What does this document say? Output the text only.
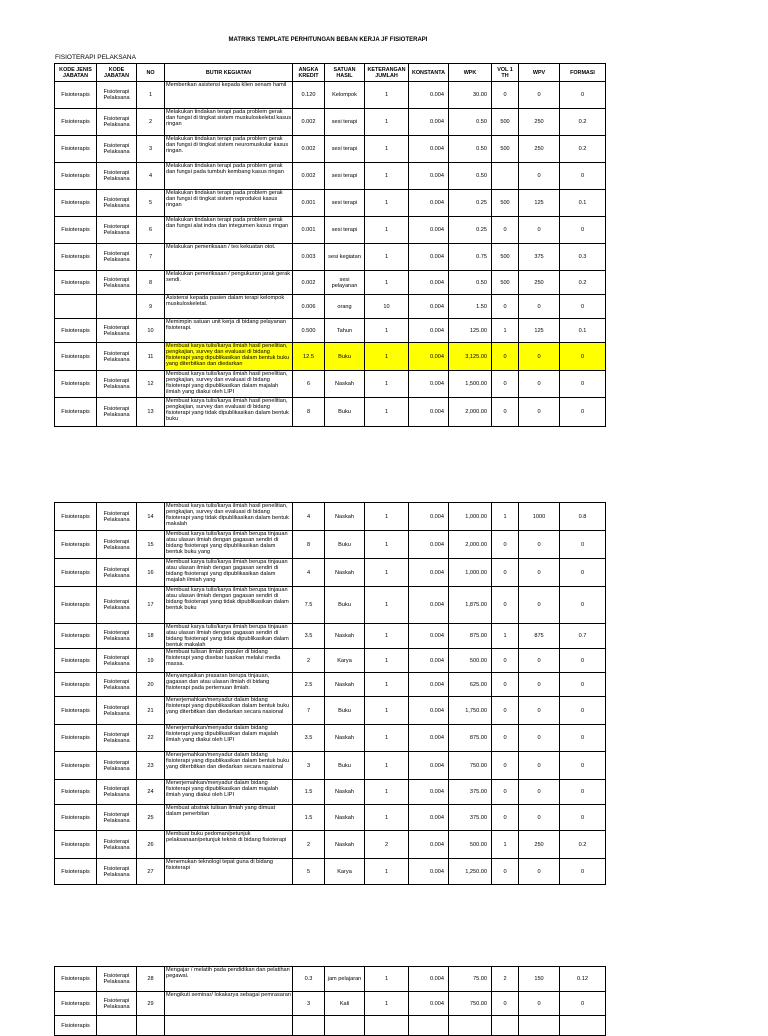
MATRIKS TEMPLATE PERHITUNGAN BEBAN KERJA JF FISIOTERAPI
FISIOTERAPI PELAKSANA
KODE JENIS JABATAN	KODE JABATAN	NO	BUTIR KEGIATAN	ANGKA KREDIT	SATUAN HASIL	KETERANGAN JUMLAH	KONSTANTA	WPK	VOL 1 TH	WPV	FORMASI
Fisioterapis	Fisioterapi Pelaksana	1	Memberikan asistensi kepada klien senam hamil	0.120	Kelompok	1	0.004	30.00	0	0	0
Fisioterapis	Fisioterapi Pelaksana	2	Melakukan tindakan terapi pada problem gerak dan fungsi di tingkat sistem muskuloskeletal kasus ringan	0.002	sesi terapi	1	0.004	0.50	500	250	0.2
Fisioterapis	Fisioterapi Pelaksana	3	Melakukan tindakan terapi pada problem gerak dan fungsi di tingkat sistem neuromuskular kasus ringan.	0.002	sesi terapi	1	0.004	0.50	500	250	0.2
Fisioterapis	Fisioterapi Pelaksana	4	Melakukan tindakan terapi pada problem gerak dan fungsi pada tumbuh kembang kasus ringan	0.002	sesi terapi	1	0.004	0.50		0	0
Fisioterapis	Fisioterapi Pelaksana	5	Melakukan tindakan terapi pada problem gerak dan fungsi di tingkat sistem reproduksi kasus ringan	0.001	sesi terapi	1	0.004	0.25	500	125	0.1
Fisioterapis	Fisioterapi Pelaksana	6	Melakukan tindakan terapi pada problem gerak dan fungsi alat indra dan integumen kasus ringan	0.001	sesi terapi	1	0.004	0.25	0	0	0
Fisioterapis	Fisioterapi Pelaksana	7	Melakukan pemeriksaan / tes kekuatan otot.	0.003	sesi kegiatan	1	0.004	0.75	500	375	0.3
Fisioterapis	Fisioterapi Pelaksana	8	Melakukan pemeriksaan / pengukuran jarak gerak sendi.	0.002	sesi pelayanan	1	0.004	0.50	500	250	0.2
		9	Asistensi kepada pasien dalam terapi kelompok muskuloskeletal.	0.006	orang	10	0.004	1.50	0	0	0
Fisioterapis	Fisioterapi Pelaksana	10	Memimpin satuan unit kerja di bidang pelayanan fisioterapi.	0.500	Tahun	1	0.004	125.00	1	125	0.1
Fisioterapis	Fisioterapi Pelaksana	11	Membuat karya tulis/karya ilmiah hasil penelitian, pengkajian, survey dan evaluasi di bidang fisioterapi yang dipublikasikan dalam bentuk buku yang diterbitkan dan diedarkan	12.5	Buku	1	0.004	3,125.00	0	0	0
Fisioterapis	Fisioterapi Pelaksana	12	Membuat karya tulis/karya ilmiah hasil penelitian, pengkajian, survey dan evaluasi di bidang fisioterapi yang dipublikasikan dalam majalah ilmiah yang diakui oleh LIPI	6	Naskah	1	0.004	1,500.00	0	0	0
Fisioterapis	Fisioterapi Pelaksana	13	Membuat karya tulis/karya ilmiah hasil penelitian, pengkajian, survey dan evaluasi di bidang fisioterapi yang tidak dipublikasikan dalam bentuk buku	8	Buku	1	0.004	2,000.00	0	0	0
Fisioterapis	Fisioterapi Pelaksana	14	Membuat karya tulis/karya ilmiah hasil penelitian, pengkajian, survey dan evaluasi di bidang fisioterapi yang tidak dipublikasikan dalam bentuk makalah	4	Naskah	1	0.004	1,000.00	1	1000	0.8
Fisioterapis	Fisioterapi Pelaksana	15	Membuat karya tulis/karya ilmiah berupa tinjauan atau ulasan ilmiah dengan gagasan sendiri di bidang fisioterapi yang dipublikasikan dalam bentuk buku yang	8	Buku	1	0.004	2,000.00	0	0	0
Fisioterapis	Fisioterapi Pelaksana	16	Membuat karya tulis/karya ilmiah berupa tinjauan atau ulasan ilmiah dengan gagasan sendiri di bidang fisioterapi yang dipublikasikan dalam majalah ilmiah yang	4	Naskah	1	0.004	1,000.00	0	0	0
Fisioterapis	Fisioterapi Pelaksana	17	Membuat karya tulis/karya ilmiah berupa tinjauan atau ulasan ilmiah dengan gagasan sendiri di bidang fisioterapi yang tidak dipublikasikan dalam bentuk buku	7.5	Buku	1	0.004	1,875.00	0	0	0
Fisioterapis	Fisioterapi Pelaksana	18	Membuat karya tulis/karya ilmiah berupa tinjauan atau ulasan ilmiah dengan gagasan sendiri di bidang fisioterapi yang tidak dipublikasikan dalam bentuk makalah	3.5	Naskah	1	0.004	875.00	1	875	0.7
Fisioterapis	Fisioterapi Pelaksana	19	Membuat tulisan ilmiah populer di bidang fisioterapi yang disebar luaskan melalui media massa.	2	Karya	1	0.004	500.00	0	0	0
Fisioterapis	Fisioterapi Pelaksana	20	Menyampaikan prasaran berupa tinjauan, gagasan dan atau ulasan ilmiah di bidang fisioterapi pada pertemuan ilmiah.	2.5	Naskah	1	0.004	625.00	0	0	0
Fisioterapis	Fisioterapi Pelaksana	21	Menerjemahkan/menyadur dalam bidang fisioterapi yang dipublikasikan dalam bentuk buku yang diterbitkan dan diedarkan secara nasional	7	Buku	1	0.004	1,750.00	0	0	0
Fisioterapis	Fisioterapi Pelaksana	22	Menerjemahkan/menyadur dalam bidang fisioterapi yang dipublikasikan dalam majalah ilmiah yang diakui oleh LIPI	3.5	Naskah	1	0.004	875.00	0	0	0
Fisioterapis	Fisioterapi Pelaksana	23	Menerjemahkan/menyadur dalam bidang fisioterapi yang dipublikasikan dalam bentuk buku yang diterbitkan dan diedarkan secara nasional	3	Buku	1	0.004	750.00	0	0	0
Fisioterapis	Fisioterapi Pelaksana	24	Menerjemahkan/menyadur dalam bidang fisioterapi yang dipublikasikan dalam majalah ilmiah yang diakui oleh LIPI	1.5	Naskah	1	0.004	375.00	0	0	0
Fisioterapis	Fisioterapi Pelaksana	25	Membuat abstrak tulisan ilmiah yang dimuat dalam penerbitan	1.5	Naskah	1	0.004	375.00	0	0	0
Fisioterapis	Fisioterapi Pelaksana	26	Membuat buku pedoman/petunjuk pelaksanaan/petunjuk teknis di bidang fisioterapi	2	Naskah	2	0.004	500.00	1	250	0.2
Fisioterapis	Fisioterapi Pelaksana	27	Menemukan teknologi tepat guna di bidang fisioterapi	5	Karya	1	0.004	1,250.00	0	0	0
Fisioterapis	Fisioterapi Pelaksana	28	Mengajar / melatih pada pendidikan dan pelatihan pegawai.	0.3	jam pelajaran	1	0.004	75.00	2	150	0.12
Fisioterapis	Fisioterapi Pelaksana	29	Mengikuti seminar/ lokakarya sebagai pemrasaran	3	Kali	1	0.004	750.00	0	0	0
Fisioterapis											
